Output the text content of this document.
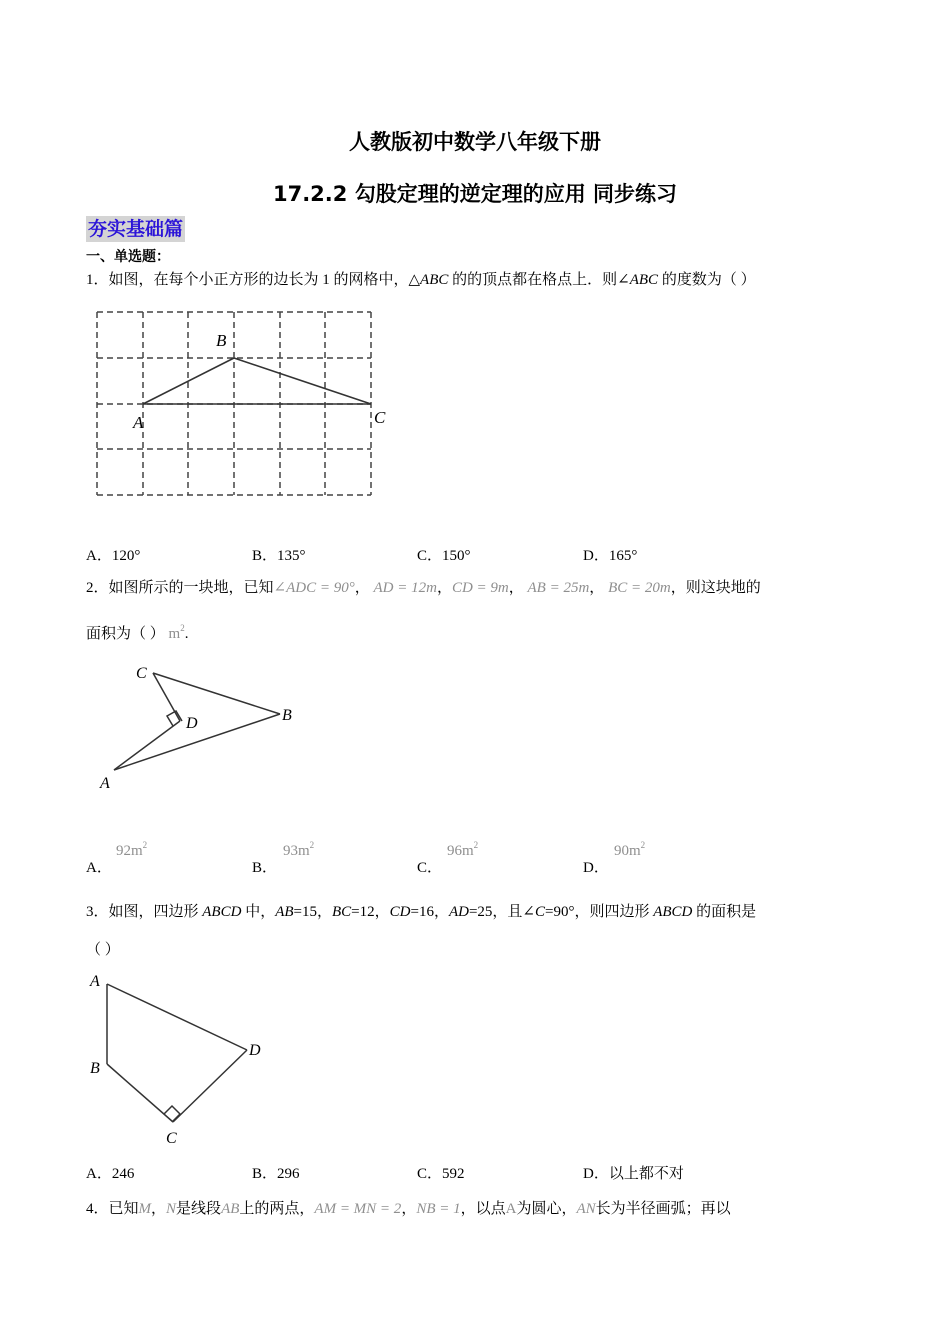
人教版初中数学八年级下册
17.2.2 勾股定理的逆定理的应用 同步练习
夯实基础篇
一、单选题：
1．如图，在每个小正方形的边长为 1 的网格中，△ABC 的的顶点都在格点上．则∠ABC 的度数为（ ）
A
B
C
A．120°	B．135°	C．150°	D．165°
2．如图所示的一块地，已知∠ADC = 90°， AD = 12m，CD = 9m， AB = 25m， BC = 20m，则这块地的
面积为（ ） $m^2$.
C
D	B
A
A．
$92m^2$
B．
$93m^2$
C．
$96m^2$
D．
$90m^2$
3．如图，四边形 ABCD 中，AB=15，BC=12，CD=16，AD=25，且∠C=90°，则四边形 ABCD 的面积是
（ ）
A
B
C
D
A．246	B．296	C．592	D．以上都不对
4．已知M，N是线段AB上的两点，AM = MN = 2，NB = 1，以点A为圆心，AN长为半径画弧；再以
